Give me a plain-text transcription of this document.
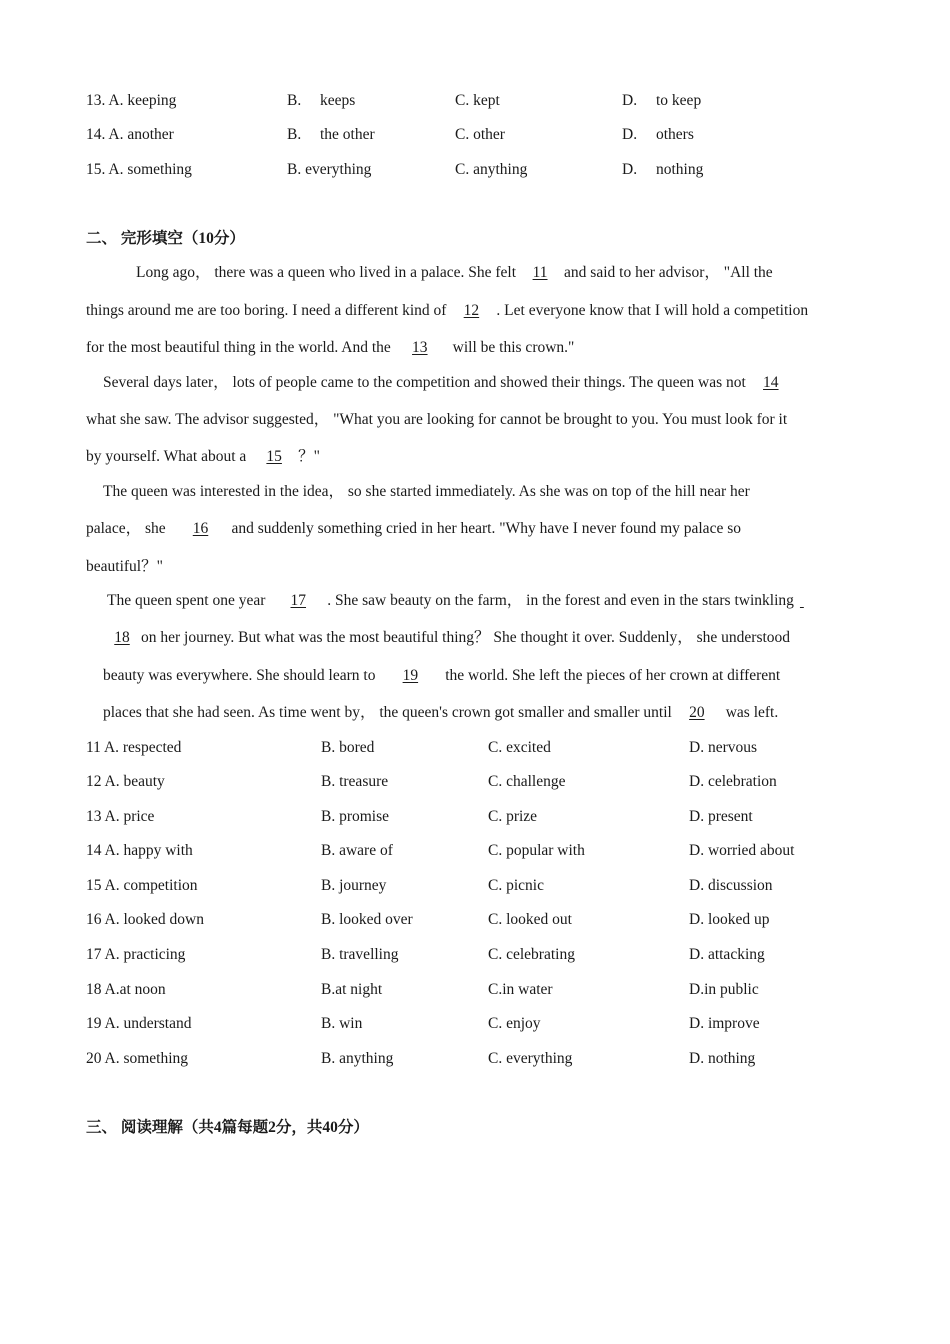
13. A. keeping	B. keeps	C. kept	D. to keep
14. A. another	B. the other	C. other	D. others
15. A. something	B. everything	C. anything	D. nothing
二、 完形填空（10分）
Long ago， there was a queen who lived in a palace. She felt 11 and said to her advisor， "All the
things around me are too boring. I need a different kind of 12 . Let everyone know that I will hold a competition
for the most beautiful thing in the world. And the 13 will be this crown."
Several days later， lots of people came to the competition and showed their things. The queen was not 14
what she saw. The advisor suggested， "What you are looking for cannot be brought to you. You must look for it
by yourself. What about a 15 ？"
The queen was interested in the idea， so she started immediately. As she was on top of the hill near her
palace， she 16 and suddenly something cried in her heart. "Why have I never found my palace so
beautiful？"
The queen spent one year 17 . She saw beauty on the farm， in the forest and even in the stars twinkling
18 on her journey. But what was the most beautiful thing？ She thought it over. Suddenly， she understood
beauty was everywhere. She should learn to 19 the world. She left the pieces of her crown at different
places that she had seen. As time went by， the queen's crown got smaller and smaller until 20 was left.
11 A. respected	B. bored	C. excited	D. nervous
12 A. beauty	B. treasure	C. challenge	D. celebration
13 A. price	B. promise	C. prize	D. present
14 A. happy with	B. aware of	C. popular with	D. worried about
15 A. competition	B. journey	C. picnic	D. discussion
16 A. looked down	B. looked over	C. looked out	D. looked up
17 A. practicing	B. travelling	C. celebrating	D. attacking
18 A.at noon	B.at night	C.in water	D.in public
19 A. understand	B. win	C. enjoy	D. improve
20 A. something	B. anything	C. everything	D. nothing
三、 阅读理解（共4篇每题2分，共40分）
